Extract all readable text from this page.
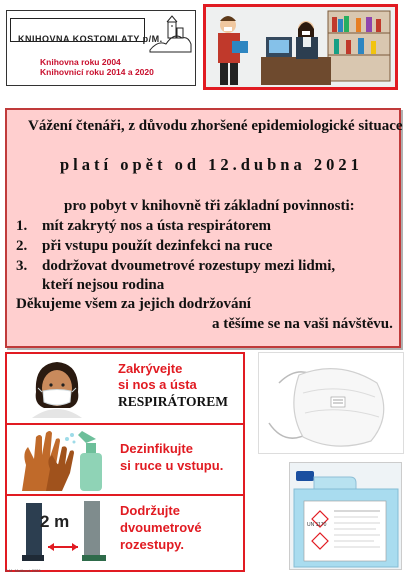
KNIHOVNA KOSTOMLATY p/M.
Knihovna roku 2004
Knihovnicí roku 2014 a 2020
Vážení čtenáři, z důvodu zhoršené epidemiologické situace
platí opět od 12.dubna 2021
pro pobyt v knihovně tři základní povinnosti:
1. mít zakrytý nos a ústa respirátorem
2. při vstupu použít dezinfekci na ruce
3. dodržovat dvoumetrové rozestupy mezi lidmi,
kteří nejsou rodina
Děkujeme všem za jejich dodržování
a těšíme se na vaši návštěvu.
Zakrývejte
si nos a ústa
RESPIRÁTOREM
Dezinfikujte
si ruce u vstupu.
2 m
Dodržujte
dvoumetrové
rozestupy.
© M. Mašková 2020
UN 1170
